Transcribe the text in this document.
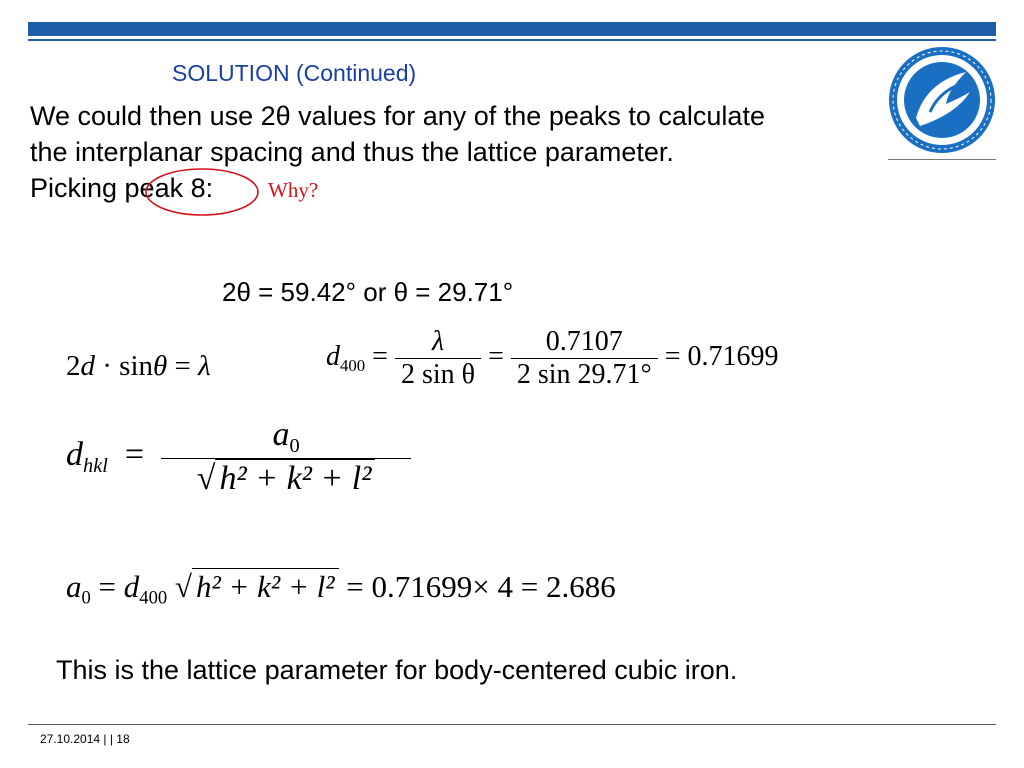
SOLUTION (Continued)
We could then use 2θ values for any of the peaks to calculate
the interplanar spacing and thus the lattice parameter.
Picking peak 8:	Why?
2θ = 59.42° or θ = 29.71°
2d · sinθ = λ	$d_{400} = \frac{\lambda}{\text{2 sin θ}} = \frac{0.7107}{2 \sin 29.71^\circ} = 0.71699$
$d_{hkl} = \frac{a_0}{\text{√ h² + k² + l²}}$
$a_0 = d_{400}$ √ h² + k² + l² = 0.71699× 4 = 2.686
This is the lattice parameter for body-centered cubic iron.
27.10.2014 | | 18
